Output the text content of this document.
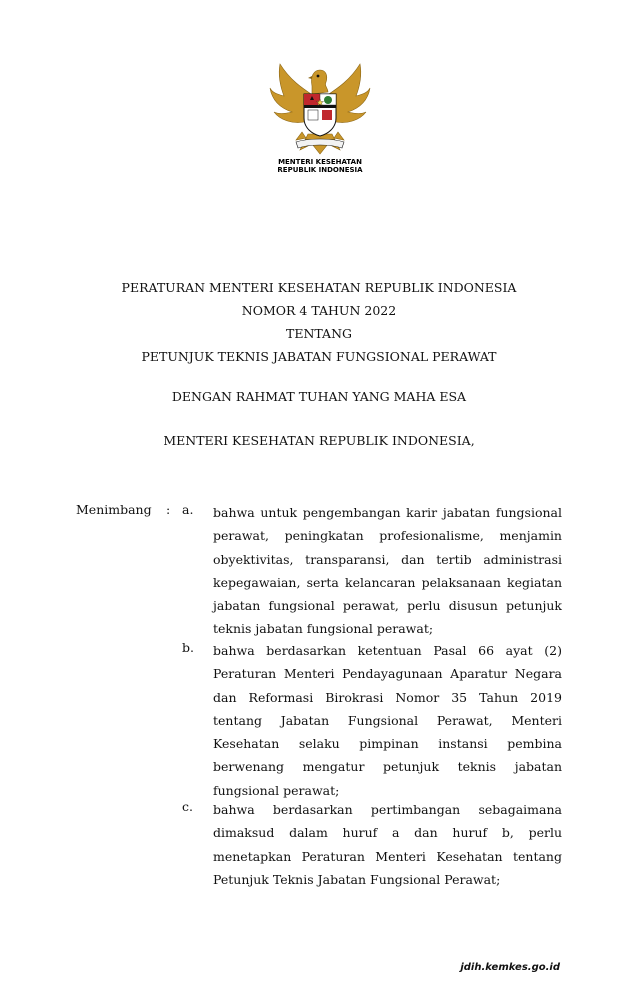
MENTERI KESEHATAN
REPUBLIK INDONESIA
PERATURAN MENTERI KESEHATAN REPUBLIK INDONESIA
NOMOR 4 TAHUN 2022
TENTANG
PETUNJUK TEKNIS JABATAN FUNGSIONAL PERAWAT
DENGAN RAHMAT TUHAN YANG MAHA ESA
MENTERI KESEHATAN REPUBLIK INDONESIA,
Menimbang : a.	bahwa untuk pengembangan karir jabatan fungsional perawat, peningkatan profesionalisme, menjamin obyektivitas, transparansi, dan tertib administrasi kepegawaian, serta kelancaran pelaksanaan kegiatan jabatan fungsional perawat, perlu disusun petunjuk teknis jabatan fungsional perawat;
b.	bahwa berdasarkan ketentuan Pasal 66 ayat (2) Peraturan Menteri Pendayagunaan Aparatur Negara dan Reformasi Birokrasi Nomor 35 Tahun 2019 tentang Jabatan Fungsional Perawat, Menteri Kesehatan selaku pimpinan instansi pembina berwenang mengatur petunjuk teknis jabatan fungsional perawat;
c.	bahwa berdasarkan pertimbangan sebagaimana dimaksud dalam huruf a dan huruf b, perlu menetapkan Peraturan Menteri Kesehatan tentang Petunjuk Teknis Jabatan Fungsional Perawat;
jdih.kemkes.go.id
